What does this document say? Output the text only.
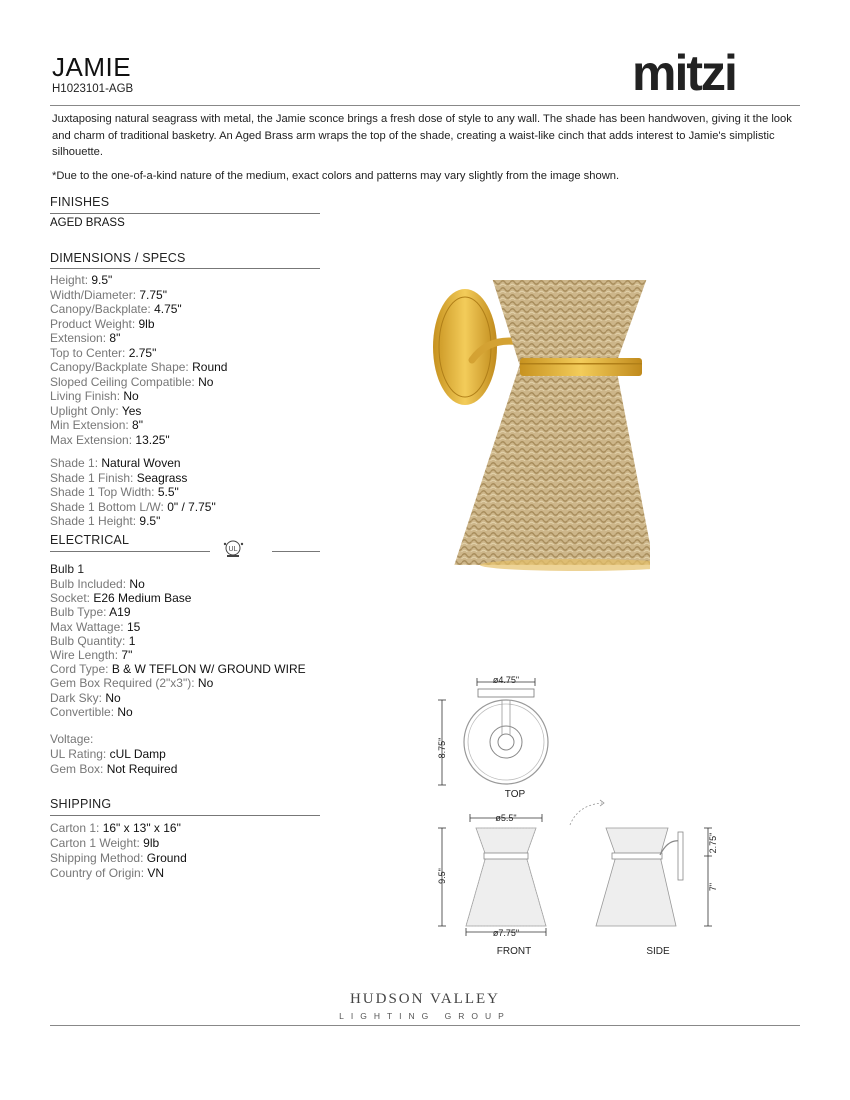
JAMIE
H1023101-AGB	mitzi
Juxtaposing natural seagrass with metal, the Jamie sconce brings a fresh dose of style to any wall. The shade has been handwoven, giving it the look and charm of traditional basketry. An Aged Brass arm wraps the top of the shade, creating a waist-like cinch that adds interest to Jamie's simplistic silhouette.
*Due to the one-of-a-kind nature of the medium, exact colors and patterns may vary slightly from the image shown.
FINISHES
AGED BRASS
DIMENSIONS / SPECS
Height: 9.5"
Width/Diameter: 7.75"
Canopy/Backplate: 4.75"
Product Weight: 9lb
Extension: 8"
Top to Center: 2.75"
Canopy/Backplate Shape: Round
Sloped Ceiling Compatible: No
Living Finish: No
Uplight Only: Yes
Min Extension: 8"
Max Extension: 13.25"
Shade 1: Natural Woven
Shade 1 Finish: Seagrass
Shade 1 Top Width: 5.5"
Shade 1 Bottom L/W: 0" / 7.75"
Shade 1 Height: 9.5"
ELECTRICAL
UL
Bulb 1
Bulb Included: No
Socket: E26 Medium Base
Bulb Type: A19
Max Wattage: 15
Bulb Quantity: 1
Wire Length: 7"
Cord Type: B & W TEFLON W/ GROUND WIRE
Gem Box Required (2"x3"): No
Dark Sky: No
Convertible: No
Voltage:
UL Rating: cUL Damp
Gem Box: Not Required
SHIPPING
Carton 1: 16" x 13" x 16"
Carton 1 Weight: 9lb
Shipping Method: Ground
Country of Origin: VN
ø4.75"
8.75"
TOP
ø5.5"
9.5"
ø7.75"
FRONT
2.75"
7"
SIDE
HUDSON VALLEY
LIGHTING GROUP
